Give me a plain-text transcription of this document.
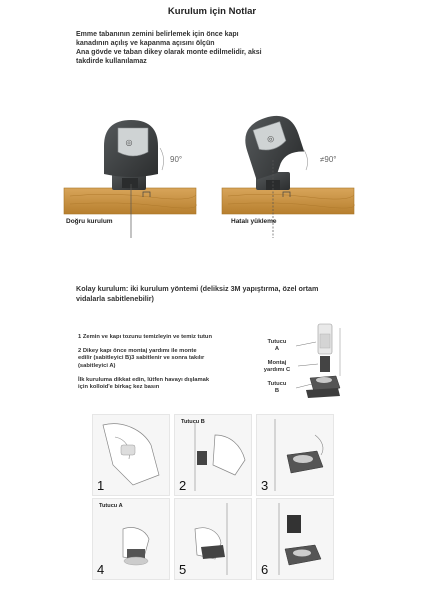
Kurulum için Notlar
Emme tabanının zemini belirlemek için önce kapı
kanadının açılış ve kapanma açısını ölçün
Ana gövde ve taban dikey olarak monte edilmelidir, aksi
takdirde kullanılamaz
◎
90°
◎
≠90°
Doğru kurulum	Hatalı yükleme
Kolay kurulum: iki kurulum yöntemi (deliksiz 3M yapıştırma, özel ortam
vidalarla sabitlenebilir)

1 Zemin ve kapı tozunu temizleyin ve temiz tutun

2 Dikey kapı önce montaj yardımı ile monte
edilir (sabitleyici B)3 sabitlenir ve sonra takılır
(sabitleyici A)

İlk kuruluma dikkat edin, lütfen havayı dışlamak
için kolloid'e birkaç kez basın

Tutucu
A
Montaj
yardımı C
Tutucu
B
1
Tutucu B
2	3
Tutucu A
4	5	6
